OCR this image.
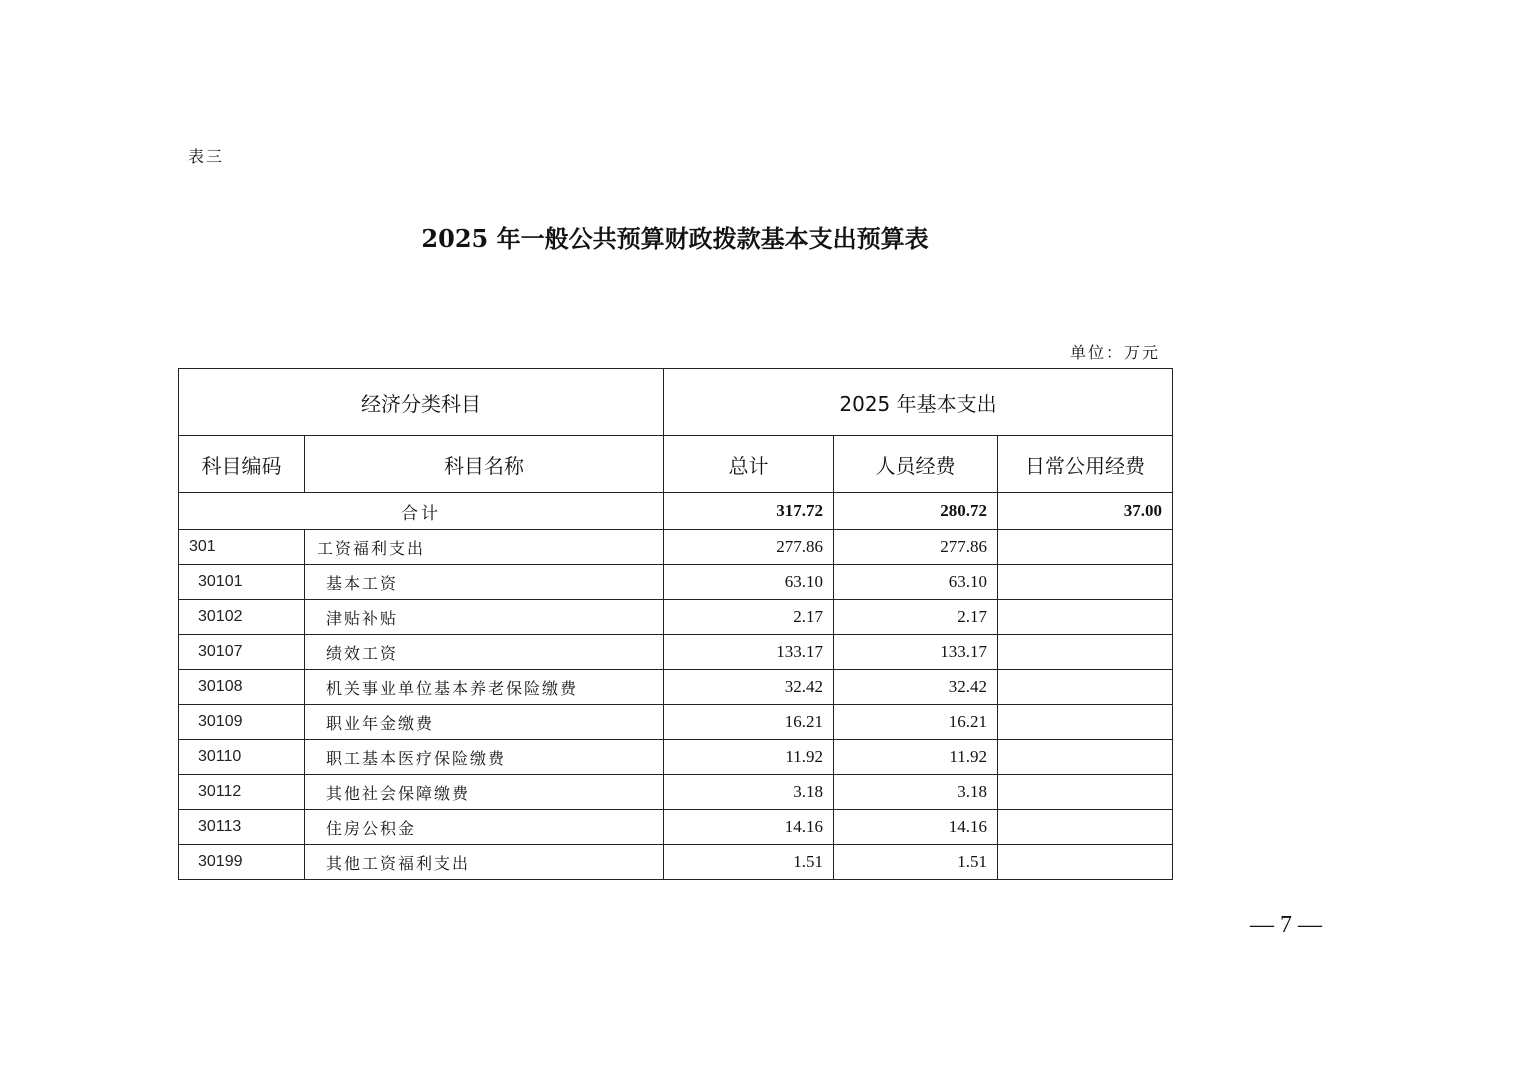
表三
2025 年一般公共预算财政拨款基本支出预算表
单位：万元
经济分类科目		2025 年基本支出		
科目编码	科目名称	总计	人员经费	日常公用经费
合计		317.72	280.72	37.00
301	工资福利支出	277.86	277.86	
30101	基本工资	63.10	63.10	
30102	津贴补贴	2.17	2.17	
30107	绩效工资	133.17	133.17	
30108	机关事业单位基本养老保险缴费	32.42	32.42	
30109	职业年金缴费	16.21	16.21	
30110	职工基本医疗保险缴费	11.92	11.92	
30112	其他社会保障缴费	3.18	3.18	
30113	住房公积金	14.16	14.16	
30199	其他工资福利支出	1.51	1.51	
— 7 —
